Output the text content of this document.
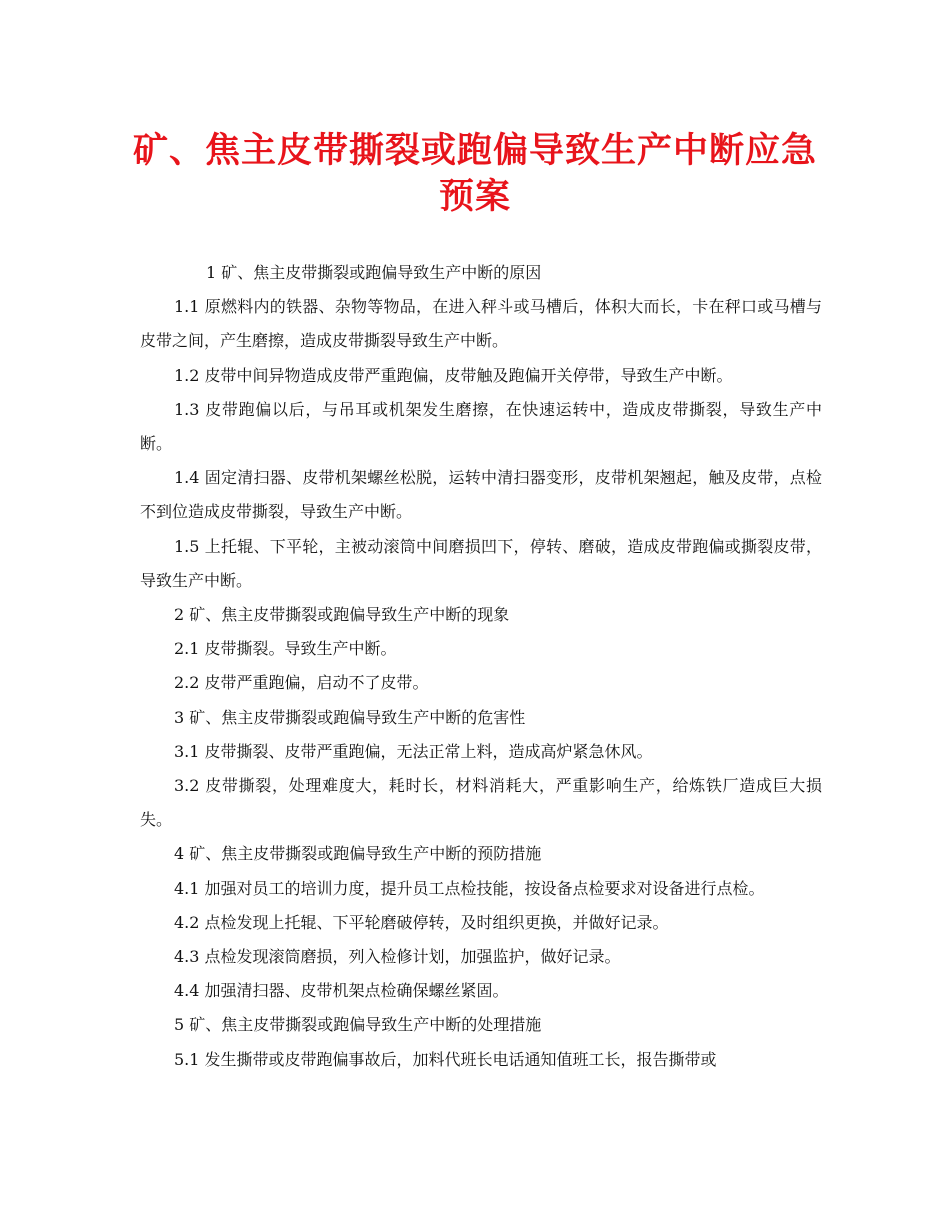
矿、焦主皮带撕裂或跑偏导致生产中断应急
预案

1 矿、焦主皮带撕裂或跑偏导致生产中断的原因

1.1 原燃料内的铁器、杂物等物品，在进入秤斗或马槽后，体积大而长，卡在秤口或马槽与皮带之间，产生磨擦，造成皮带撕裂导致生产中断。

1.2 皮带中间异物造成皮带严重跑偏，皮带触及跑偏开关停带，导致生产中断。

1.3 皮带跑偏以后，与吊耳或机架发生磨擦，在快速运转中，造成皮带撕裂，导致生产中断。

1.4 固定清扫器、皮带机架螺丝松脱，运转中清扫器变形，皮带机架翘起，触及皮带，点检不到位造成皮带撕裂，导致生产中断。

1.5 上托辊、下平轮，主被动滚筒中间磨损凹下，停转、磨破，造成皮带跑偏或撕裂皮带，导致生产中断。

2 矿、焦主皮带撕裂或跑偏导致生产中断的现象

2.1 皮带撕裂。导致生产中断。

2.2 皮带严重跑偏，启动不了皮带。

3 矿、焦主皮带撕裂或跑偏导致生产中断的危害性

3.1 皮带撕裂、皮带严重跑偏，无法正常上料，造成高炉紧急休风。

3.2 皮带撕裂，处理难度大，耗时长，材料消耗大，严重影响生产，给炼铁厂造成巨大损失。

4 矿、焦主皮带撕裂或跑偏导致生产中断的预防措施

4.1 加强对员工的培训力度，提升员工点检技能，按设备点检要求对设备进行点检。

4.2 点检发现上托辊、下平轮磨破停转，及时组织更换，并做好记录。

4.3 点检发现滚筒磨损，列入检修计划，加强监护，做好记录。

4.4 加强清扫器、皮带机架点检确保螺丝紧固。

5 矿、焦主皮带撕裂或跑偏导致生产中断的处理措施

5.1 发生撕带或皮带跑偏事故后，加料代班长电话通知值班工长，报告撕带或
